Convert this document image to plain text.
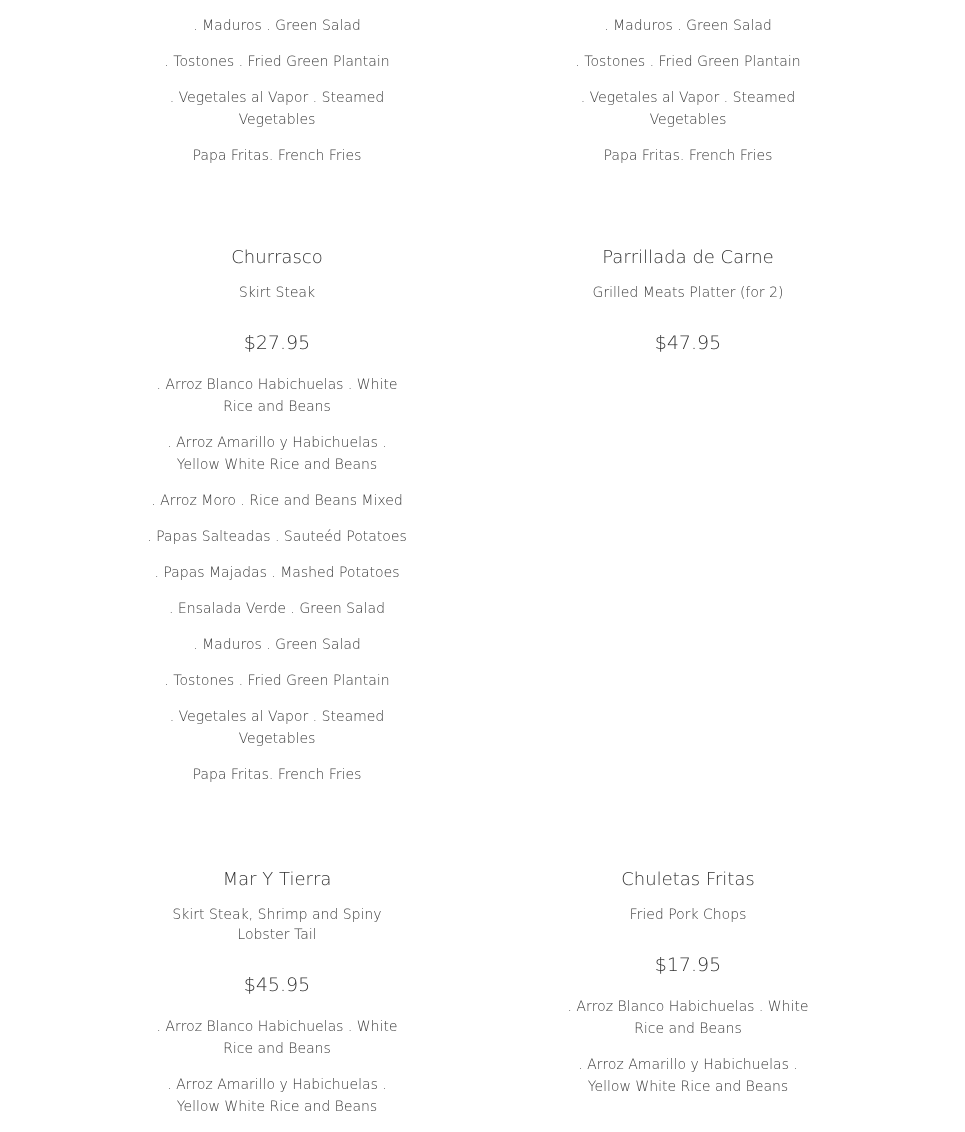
. Maduros . Green Salad

. Tostones . Fried Green Plantain

. Vegetales al Vapor . Steamed Vegetables

Papa Fritas. French Fries

. Maduros . Green Salad

. Tostones . Fried Green Plantain

. Vegetales al Vapor . Steamed Vegetables

Papa Fritas. French Fries

Churrasco

Skirt Steak

$27.95

. Arroz Blanco Habichuelas . White Rice and Beans

. Arroz Amarillo y Habichuelas . Yellow White Rice and Beans

. Arroz Moro . Rice and Beans Mixed

. Papas Salteadas . Sauteéd Potatoes

. Papas Majadas . Mashed Potatoes

. Ensalada Verde . Green Salad

. Maduros . Green Salad

. Tostones . Fried Green Plantain

. Vegetales al Vapor . Steamed Vegetables

Papa Fritas. French Fries

Parrillada de Carne

Grilled Meats Platter (for 2)

$47.95

Mar Y Tierra

Skirt Steak, Shrimp and Spiny Lobster Tail

$45.95

. Arroz Blanco Habichuelas . White Rice and Beans

. Arroz Amarillo y Habichuelas . Yellow White Rice and Beans

Chuletas Fritas

Fried Pork Chops

$17.95

. Arroz Blanco Habichuelas . White Rice and Beans

. Arroz Amarillo y Habichuelas . Yellow White Rice and Beans
